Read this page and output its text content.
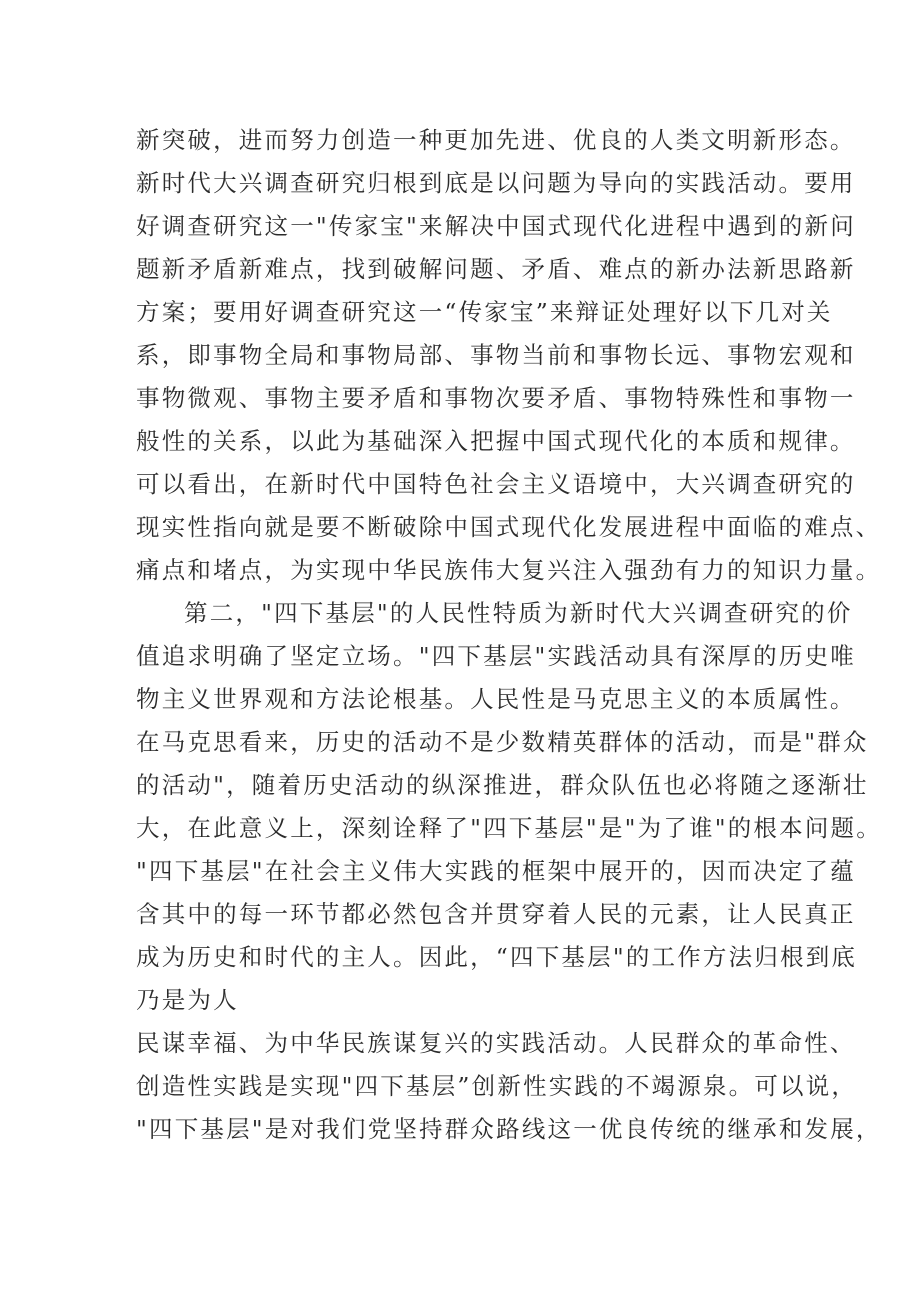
新突破，进而努力创造一种更加先进、优良的人类文明新形态。
新时代大兴调查研究归根到底是以问题为导向的实践活动。要用
好调查研究这一"传家宝"来解决中国式现代化进程中遇到的新问
题新矛盾新难点，找到破解问题、矛盾、难点的新办法新思路新
方案；要用好调查研究这一“传家宝”来辩证处理好以下几对关
系，即事物全局和事物局部、事物当前和事物长远、事物宏观和
事物微观、事物主要矛盾和事物次要矛盾、事物特殊性和事物一
般性的关系，以此为基础深入把握中国式现代化的本质和规律。
可以看出，在新时代中国特色社会主义语境中，大兴调查研究的
现实性指向就是要不断破除中国式现代化发展进程中面临的难点、
痛点和堵点，为实现中华民族伟大复兴注入强劲有力的知识力量。
第二，"四下基层"的人民性特质为新时代大兴调查研究的价
值追求明确了坚定立场。"四下基层"实践活动具有深厚的历史唯
物主义世界观和方法论根基。人民性是马克思主义的本质属性。
在马克思看来，历史的活动不是少数精英群体的活动，而是"群众
的活动"，随着历史活动的纵深推进，群众队伍也必将随之逐渐壮
大，在此意义上，深刻诠释了"四下基层"是"为了谁"的根本问题。
"四下基层"在社会主义伟大实践的框架中展开的，因而决定了蕴
含其中的每一环节都必然包含并贯穿着人民的元素，让人民真正
成为历史和时代的主人。因此，“四下基层"的工作方法归根到底
乃是为人
民谋幸福、为中华民族谋复兴的实践活动。人民群众的革命性、
创造性实践是实现"四下基层”创新性实践的不竭源泉。可以说，
"四下基层"是对我们党坚持群众路线这一优良传统的继承和发展，
